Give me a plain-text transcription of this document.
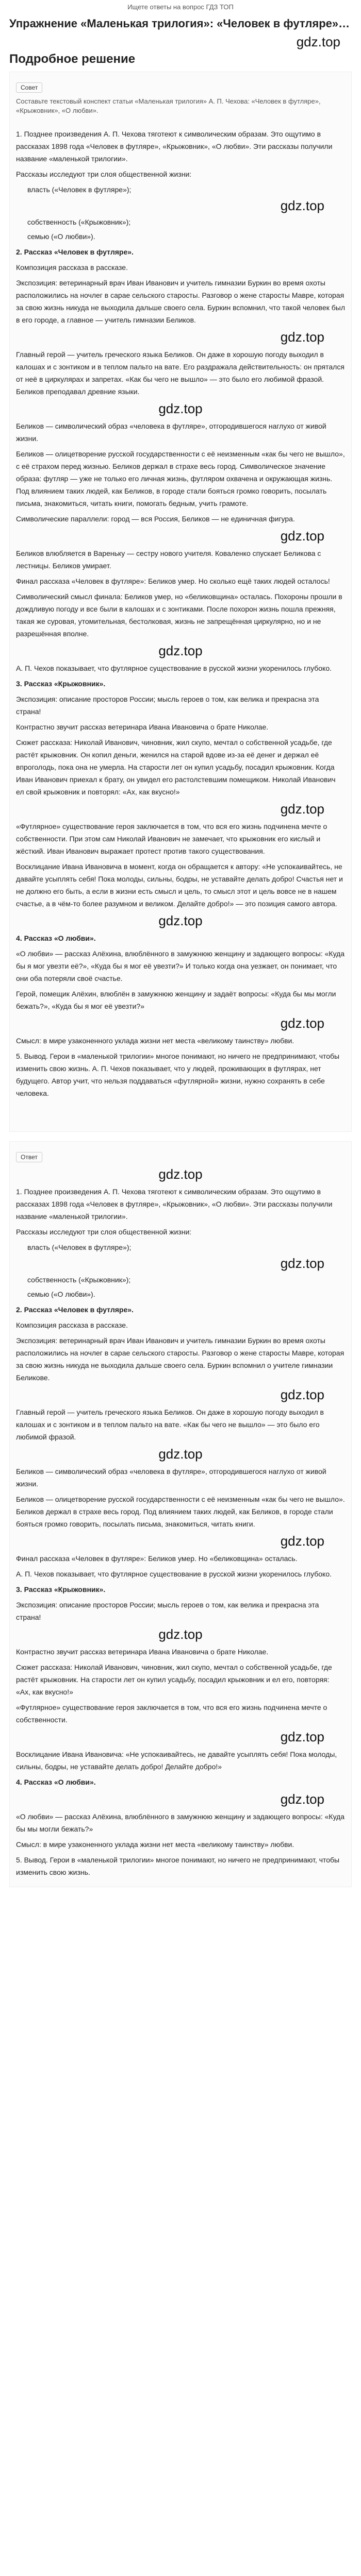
Ищете ответы на вопрос ГДЗ ТОП
Упражнение «Маленькая трилогия»: «Человек в футляре»…
gdz.top
Подробное решение
Совет
Составьте текстовый конспект статьи «Маленькая трилогия» А. П. Чехова: «Человек в футляре», «Крыжовник», «О любви».
1. Позднее произведения А. П. Чехова тяготеют к символическим образам. Это ощутимо в рассказах 1898 года «Человек в футляре», «Крыжовник», «О любви». Эти рассказы получили название «маленькой трилогии».
Рассказы исследуют три слоя общественной жизни:
власть («Человек в футляре»);
gdz.top
собственность («Крыжовник»);
семью («О любви»).
2. Рассказ «Человек в футляре».
Композиция рассказа в рассказе.
Экспозиция: ветеринарный врач Иван Иванович и учитель гимназии Буркин во время охоты расположились на ночлег в сарае сельского старосты. Разговор о жене старосты Мавре, которая за свою жизнь никуда не выходила дальше своего села. Буркин вспомнил, что такой человек был в его городе, а главное — учитель гимназии Беликов.
gdz.top
Главный герой — учитель греческого языка Беликов. Он даже в хорошую погоду выходил в калошах и с зонтиком и в теплом пальто на вате. Его раздражала действительность: он прятался от неё в циркулярах и запретах. «Как бы чего не вышло» — это было его любимой фразой. Беликов преподавал древние языки.
gdz.top
Беликов — символический образ «человека в футляре», отгородившегося наглухо от живой жизни.
Беликов — олицетворение русской государственности с её неизменным «как бы чего не вышло», с её страхом перед жизнью. Беликов держал в страхе весь город. Символическое значение образа: футляр — уже не только его личная жизнь, футляром охвачена и окружающая жизнь. Под влиянием таких людей, как Беликов, в городе стали бояться громко говорить, посылать письма, знакомиться, читать книги, помогать бедным, учить грамоте.
Символические параллели: город — вся Россия, Беликов — не единичная фигура.
gdz.top
Беликов влюбляется в Вареньку — сестру нового учителя. Коваленко спускает Беликова с лестницы. Беликов умирает.
Финал рассказа «Человек в футляре»: Беликов умер. Но сколько ещё таких людей осталось!
Символический смысл финала: Беликов умер, но «беликовщина» осталась. Похороны прошли в дождливую погоду и все были в калошах и с зонтиками. После похорон жизнь пошла прежняя, такая же суровая, утомительная, бестолковая, жизнь не запрещённая циркулярно, но и не разрешённая вполне.
gdz.top
А. П. Чехов показывает, что футлярное существование в русской жизни укоренилось глубоко.
3. Рассказ «Крыжовник».
Экспозиция: описание просторов России; мысль героев о том, как велика и прекрасна эта страна!
Контрастно звучит рассказ ветеринара Ивана Ивановича о брате Николае.
Сюжет рассказа: Николай Иванович, чиновник, жил скупо, мечтал о собственной усадьбе, где растёт крыжовник. Он копил деньги, женился на старой вдове из-за её денег и держал её впроголодь, пока она не умерла. На старости лет он купил усадьбу, посадил крыжовник. Когда Иван Иванович приехал к брату, он увидел его растолстевшим помещиком. Николай Иванович ел свой крыжовник и повторял: «Ах, как вкусно!»
gdz.top
«Футлярное» существование героя заключается в том, что вся его жизнь подчинена мечте о собственности. При этом сам Николай Иванович не замечает, что крыжовник его кислый и жёсткий. Иван Иванович выражает протест против такого существования.
Восклицание Ивана Ивановича в момент, когда он обращается к автору: «Не успокаивайтесь, не давайте усыплять себя! Пока молоды, сильны, бодры, не уставайте делать добро! Счастья нет и не должно его быть, а если в жизни есть смысл и цель, то смысл этот и цель вовсе не в нашем счастье, а в чём-то более разумном и великом. Делайте добро!» — это позиция самого автора.
gdz.top
4. Рассказ «О любви».
«О любви» — рассказ Алёхина, влюблённого в замужнюю женщину и задающего вопросы: «Куда бы я мог увезти её?», «Куда бы я мог её увезти?» И только когда она уезжает, он понимает, что они оба потеряли своё счастье.
Герой, помещик Алёхин, влюблён в замужнюю женщину и задаёт вопросы: «Куда бы мы могли бежать?», «Куда бы я мог её увезти?»
gdz.top
Смысл: в мире узаконенного уклада жизни нет места «великому таинству» любви.
5. Вывод. Герои в «маленькой трилогии» многое понимают, но ничего не предпринимают, чтобы изменить свою жизнь. А. П. Чехов показывает, что у людей, проживающих в футлярах, нет будущего. Автор учит, что нельзя поддаваться «футлярной» жизни, нужно сохранять в себе человека.
Ответ
gdz.top
1. Позднее произведения А. П. Чехова тяготеют к символическим образам. Это ощутимо в рассказах 1898 года «Человек в футляре», «Крыжовник», «О любви». Эти рассказы получили название «маленькой трилогии».
Рассказы исследуют три слоя общественной жизни:
власть («Человек в футляре»);
gdz.top
собственность («Крыжовник»);
семью («О любви»).
2. Рассказ «Человек в футляре».
Композиция рассказа в рассказе.
Экспозиция: ветеринарный врач Иван Иванович и учитель гимназии Буркин во время охоты расположились на ночлег в сарае сельского старосты. Разговор о жене старосты Мавре, которая за свою жизнь никуда не выходила дальше своего села. Буркин вспомнил о учителе гимназии Беликове.
gdz.top
Главный герой — учитель греческого языка Беликов. Он даже в хорошую погоду выходил в калошах и с зонтиком и в теплом пальто на вате. «Как бы чего не вышло» — это было его любимой фразой.
gdz.top
Беликов — символический образ «человека в футляре», отгородившегося наглухо от живой жизни.
Беликов — олицетворение русской государственности с её неизменным «как бы чего не вышло». Беликов держал в страхе весь город. Под влиянием таких людей, как Беликов, в городе стали бояться громко говорить, посылать письма, знакомиться, читать книги.
gdz.top
Финал рассказа «Человек в футляре»: Беликов умер. Но «беликовщина» осталась.
А. П. Чехов показывает, что футлярное существование в русской жизни укоренилось глубоко.
3. Рассказ «Крыжовник».
Экспозиция: описание просторов России; мысль героев о том, как велика и прекрасна эта страна!
gdz.top
Контрастно звучит рассказ ветеринара Ивана Ивановича о брате Николае.
Сюжет рассказа: Николай Иванович, чиновник, жил скупо, мечтал о собственной усадьбе, где растёт крыжовник. На старости лет он купил усадьбу, посадил крыжовник и ел его, повторяя: «Ах, как вкусно!»
«Футлярное» существование героя заключается в том, что вся его жизнь подчинена мечте о собственности.
gdz.top
Восклицание Ивана Ивановича: «Не успокаивайтесь, не давайте усыплять себя! Пока молоды, сильны, бодры, не уставайте делать добро! Делайте добро!»
4. Рассказ «О любви».
gdz.top
«О любви» — рассказ Алёхина, влюблённого в замужнюю женщину и задающего вопросы: «Куда бы мы могли бежать?»
Смысл: в мире узаконенного уклада жизни нет места «великому таинству» любви.
5. Вывод. Герои в «маленькой трилогии» многое понимают, но ничего не предпринимают, чтобы изменить свою жизнь.
